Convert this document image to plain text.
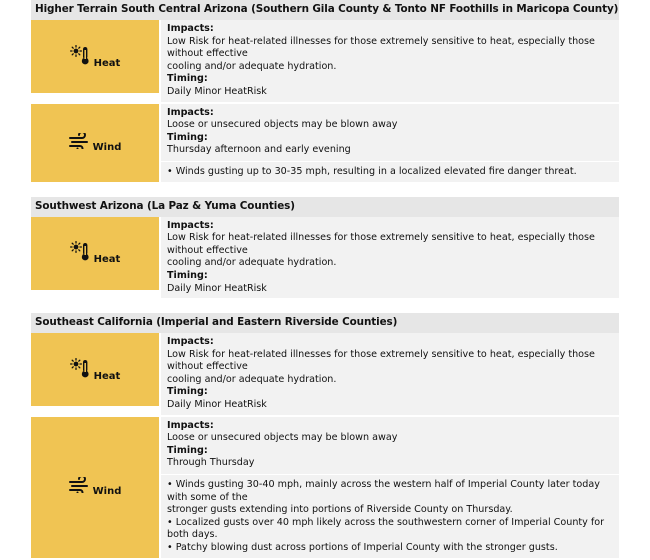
Higher Terrain South Central Arizona (Southern Gila County & Tonto NF Foothills in Maricopa County)
Heat
Impacts:
Low Risk for heat-related illnesses for those extremely sensitive to heat, especially those without effective
cooling and/or adequate hydration.
Timing:
Daily Minor HeatRisk
Wind
Impacts:
Loose or unsecured objects may be blown away
Timing:
Thursday afternoon and early evening
• Winds gusting up to 30-35 mph, resulting in a localized elevated fire danger threat.
Southwest Arizona (La Paz & Yuma Counties)
Heat
Impacts:
Low Risk for heat-related illnesses for those extremely sensitive to heat, especially those without effective
cooling and/or adequate hydration.
Timing:
Daily Minor HeatRisk
Southeast California (Imperial and Eastern Riverside Counties)
Heat
Impacts:
Low Risk for heat-related illnesses for those extremely sensitive to heat, especially those without effective
cooling and/or adequate hydration.
Timing:
Daily Minor HeatRisk
Wind
Impacts:
Loose or unsecured objects may be blown away
Timing:
Through Thursday
• Winds gusting 30-40 mph, mainly across the western half of Imperial County later today with some of the
stronger gusts extending into portions of Riverside County on Thursday.
• Localized gusts over 40 mph likely across the southwestern corner of Imperial County for both days.
• Patchy blowing dust across portions of Imperial County with the stronger gusts.
